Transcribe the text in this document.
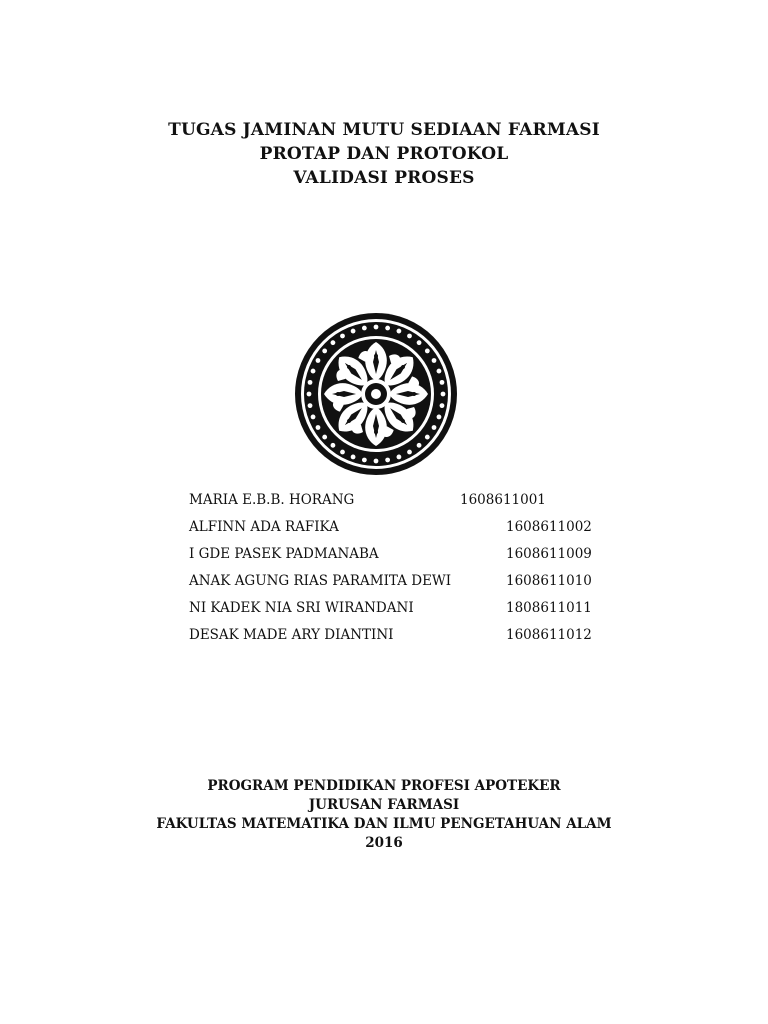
TUGAS JAMINAN MUTU SEDIAAN FARMASI
PROTAP DAN PROTOKOL
VALIDASI PROSES
MARIA E.B.B. HORANG	1608611001
ALFINN ADA RAFIKA	1608611002
I GDE PASEK PADMANABA	1608611009
ANAK AGUNG RIAS PARAMITA DEWI	1608611010
NI KADEK NIA SRI WIRANDANI	1808611011
DESAK MADE ARY DIANTINI	1608611012
PROGRAM PENDIDIKAN PROFESI APOTEKER
JURUSAN FARMASI
FAKULTAS MATEMATIKA DAN ILMU PENGETAHUAN ALAM
2016
